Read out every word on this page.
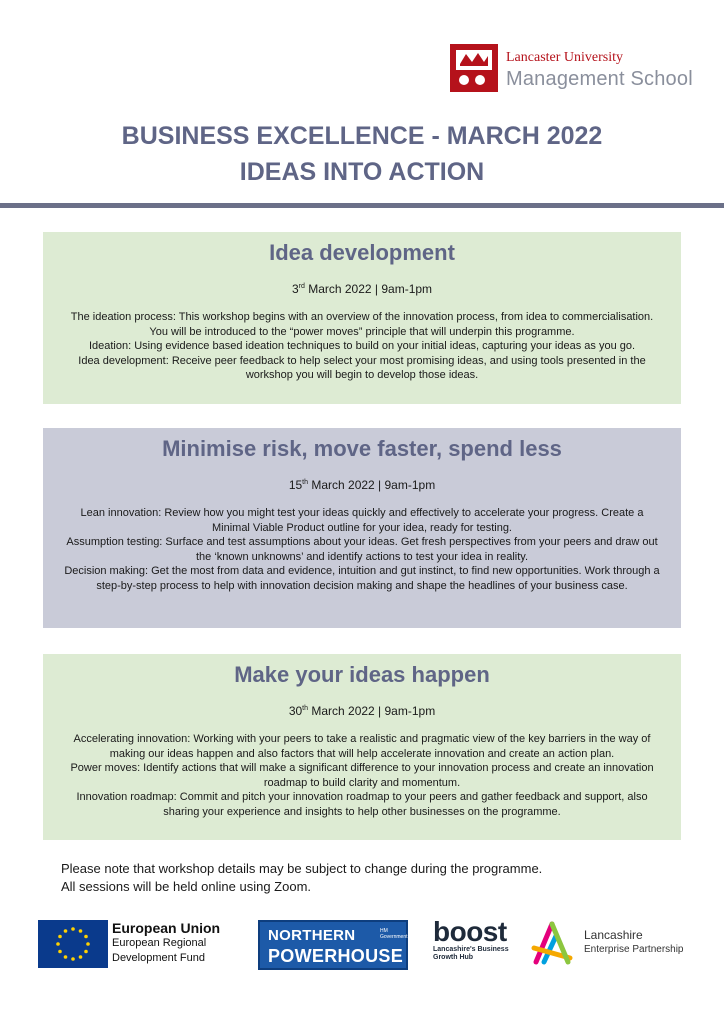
Lancaster University
Management School
BUSINESS EXCELLENCE - MARCH 2022
IDEAS INTO ACTION
Idea development
3rd March 2022 | 9am-1pm
The ideation process: This workshop begins with an overview of the innovation process, from idea to commercialisation. You will be introduced to the “power moves” principle that will underpin this programme.
Ideation: Using evidence based ideation techniques to build on your initial ideas, capturing your ideas as you go.
Idea development: Receive peer feedback to help select your most promising ideas, and using tools presented in the workshop you will begin to develop those ideas.
Minimise risk, move faster, spend less
15th March 2022 | 9am-1pm
Lean innovation: Review how you might test your ideas quickly and effectively to accelerate your progress. Create a Minimal Viable Product outline for your idea, ready for testing.
Assumption testing: Surface and test assumptions about your ideas. Get fresh perspectives from your peers and draw out the ‘known unknowns’ and identify actions to test your idea in reality.
Decision making: Get the most from data and evidence, intuition and gut instinct, to find new opportunities. Work through a step-by-step process to help with innovation decision making and shape the headlines of your business case.
Make your ideas happen
30th March 2022 | 9am-1pm
Accelerating innovation: Working with your peers to take a realistic and pragmatic view of the key barriers in the way of making our ideas happen and also factors that will help accelerate innovation and create an action plan.
Power moves: Identify actions that will make a significant difference to your innovation process and create an innovation roadmap to build clarity and momentum.
Innovation roadmap: Commit and pitch your innovation roadmap to your peers and gather feedback and support, also sharing your experience and insights to help other businesses on the programme.
Please note that workshop details may be subject to change during the programme.
All sessions will be held online using Zoom.
European Union
European Regional
Development Fund
NORTHERN
POWERHOUSE
HM Government boost
Lancashire's Business
Growth Hub
Lancashire
Enterprise Partnership
